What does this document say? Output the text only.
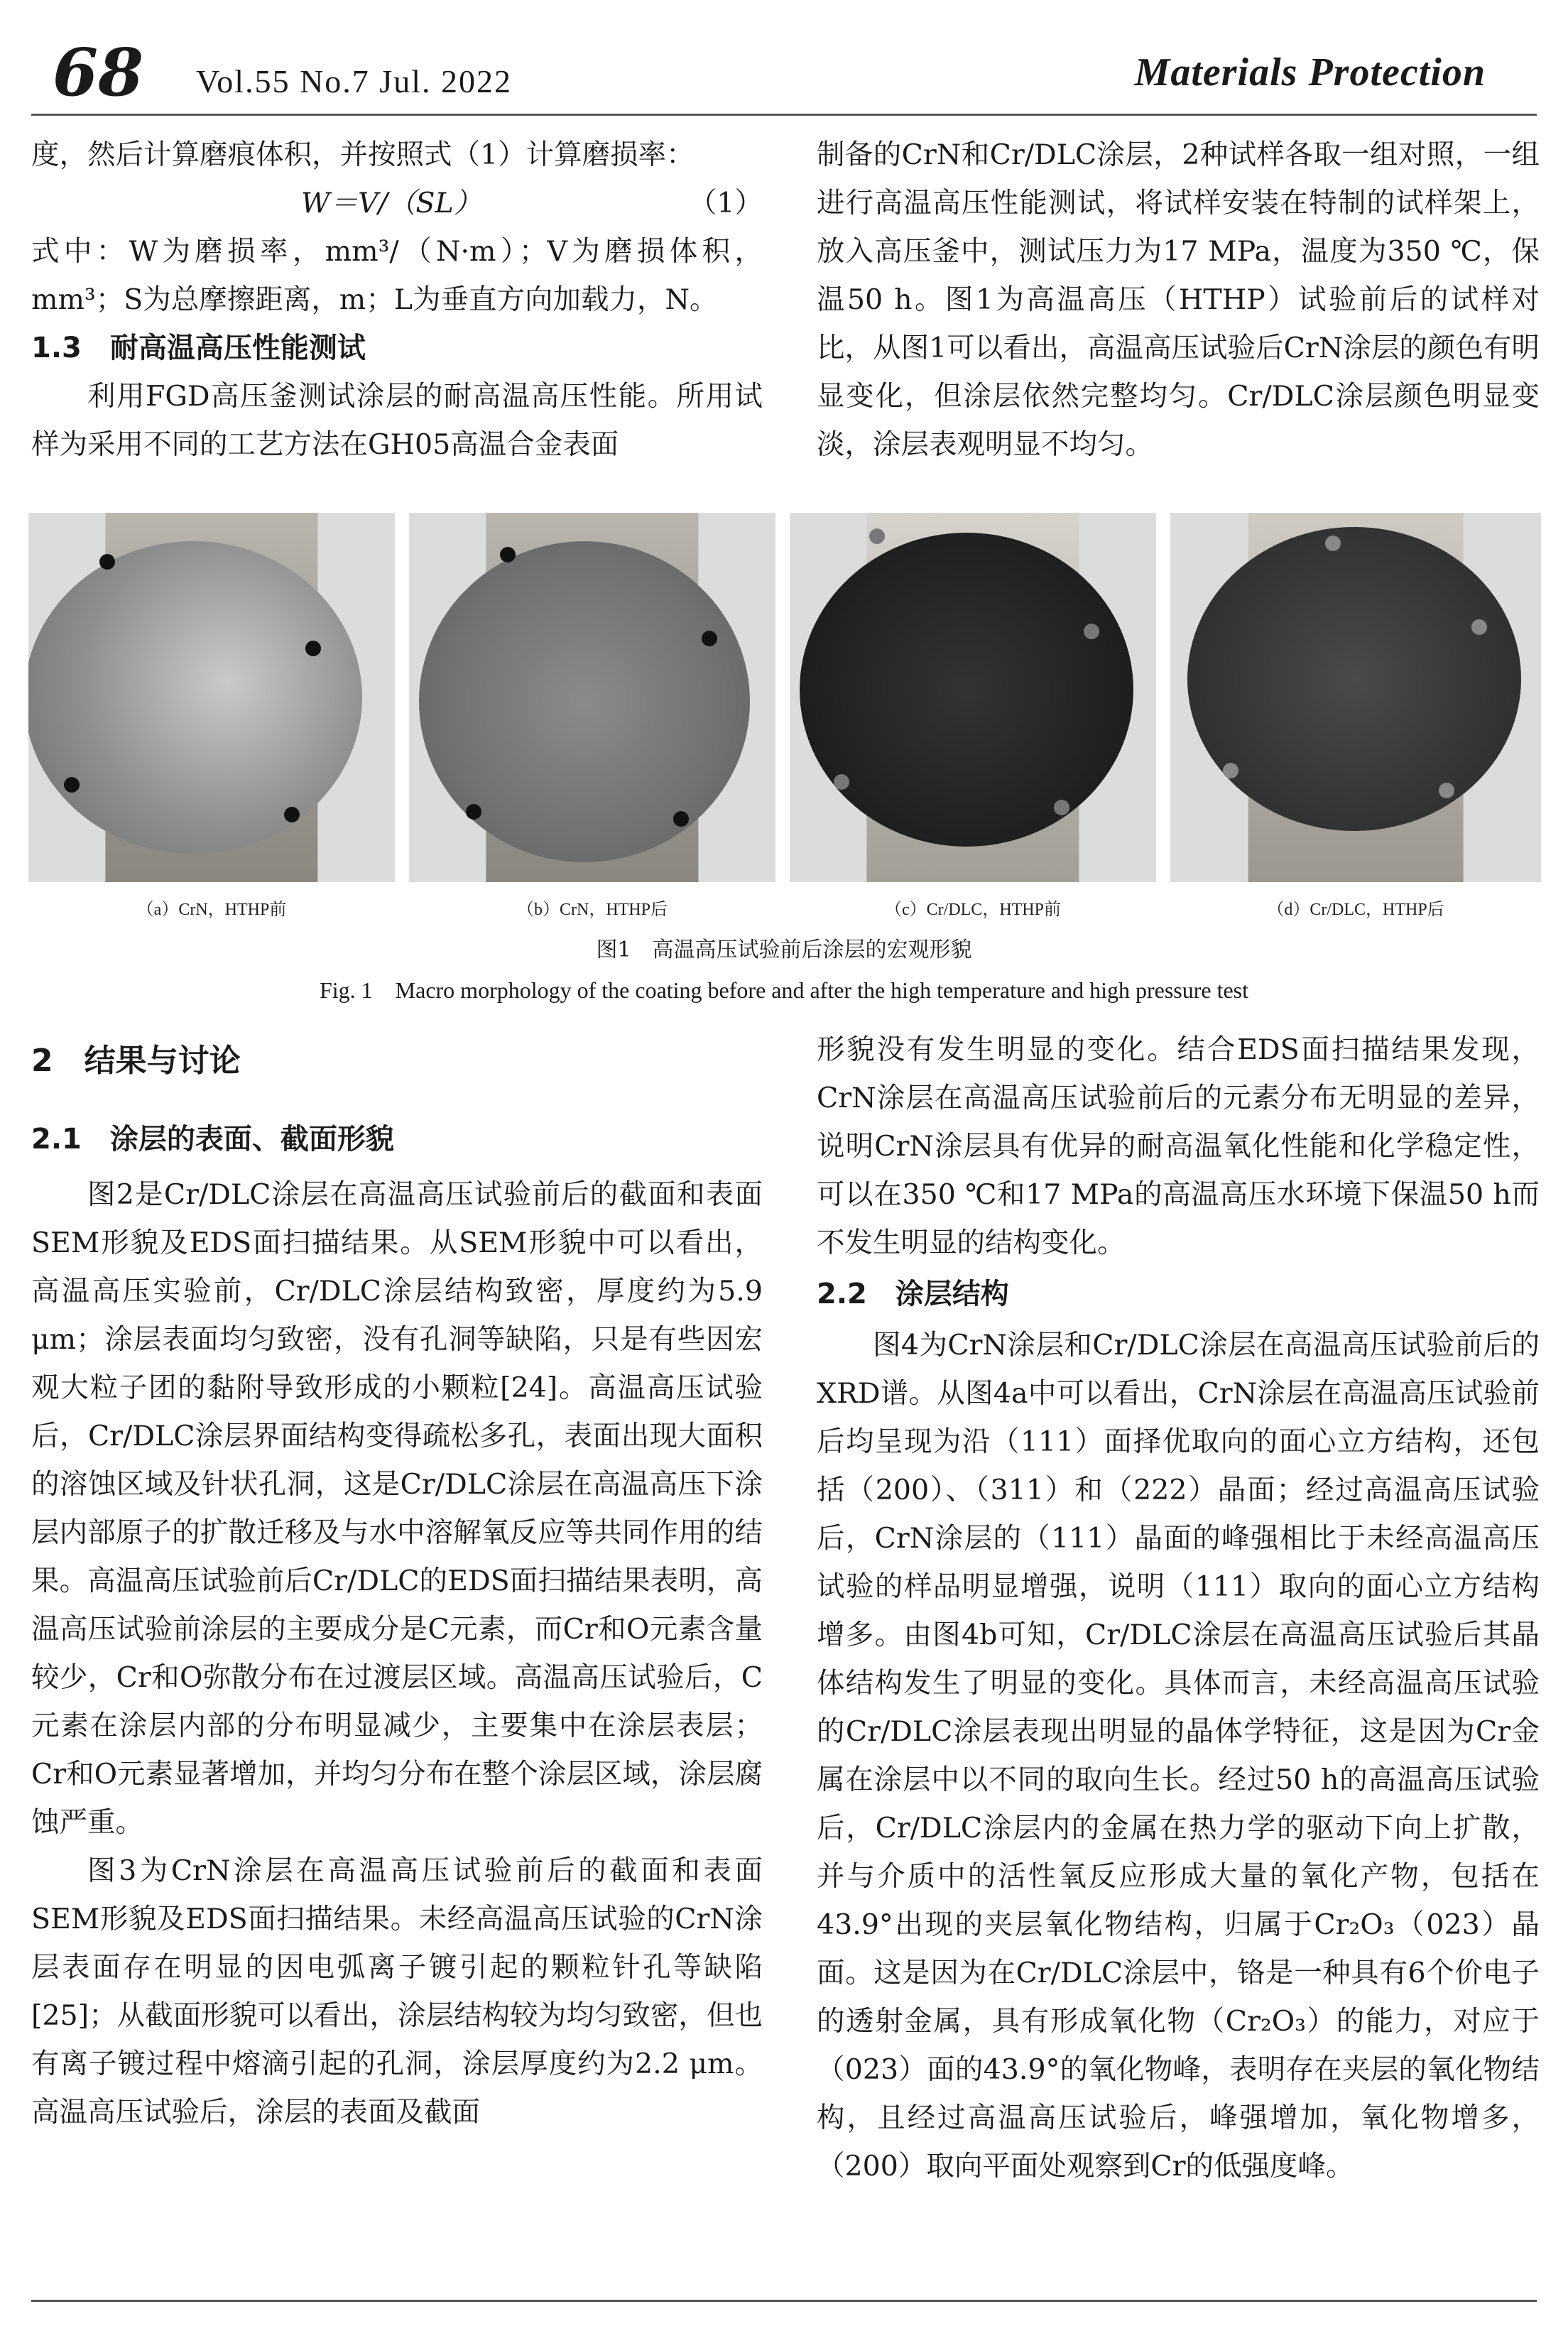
68 Vol.55 No.7 Jul. 2022	Materials Protection

度，然后计算磨痕体积，并按照式（1）计算磨损率：

W＝V/（SL）	（1）

式中：W为磨损率，mm³/（N·m）；V为磨损体积，mm³；S为总摩擦距离，m；L为垂直方向加载力，N。

1.3　耐高温高压性能测试

利用FGD高压釜测试涂层的耐高温高压性能。所用试样为采用不同的工艺方法在GH05高温合金表面

制备的CrN和Cr/DLC涂层，2种试样各取一组对照，一组进行高温高压性能测试，将试样安装在特制的试样架上，放入高压釜中，测试压力为17 MPa，温度为350 ℃，保温50 h。图1为高温高压（HTHP）试验前后的试样对比，从图1可以看出，高温高压试验后CrN涂层的颜色有明显变化，但涂层依然完整均匀。Cr/DLC涂层颜色明显变淡，涂层表观明显不均匀。

（a）CrN，HTHP前	（b）CrN，HTHP后	（c）Cr/DLC，HTHP前	（d）Cr/DLC，HTHP后
图1　高温高压试验前后涂层的宏观形貌
Fig. 1　Macro morphology of the coating before and after the high temperature and high pressure test
2　结果与讨论
2.1　涂层的表面、截面形貌

图2是Cr/DLC涂层在高温高压试验前后的截面和表面SEM形貌及EDS面扫描结果。从SEM形貌中可以看出，高温高压实验前，Cr/DLC涂层结构致密，厚度约为5.9 μm；涂层表面均匀致密，没有孔洞等缺陷，只是有些因宏观大粒子团的黏附导致形成的小颗粒[24]。高温高压试验后，Cr/DLC涂层界面结构变得疏松多孔，表面出现大面积的溶蚀区域及针状孔洞，这是Cr/DLC涂层在高温高压下涂层内部原子的扩散迁移及与水中溶解氧反应等共同作用的结果。高温高压试验前后Cr/DLC的EDS面扫描结果表明，高温高压试验前涂层的主要成分是C元素，而Cr和O元素含量较少，Cr和O弥散分布在过渡层区域。高温高压试验后，C元素在涂层内部的分布明显减少，主要集中在涂层表层；Cr和O元素显著增加，并均匀分布在整个涂层区域，涂层腐蚀严重。

图3为CrN涂层在高温高压试验前后的截面和表面SEM形貌及EDS面扫描结果。未经高温高压试验的CrN涂层表面存在明显的因电弧离子镀引起的颗粒针孔等缺陷[25]；从截面形貌可以看出，涂层结构较为均匀致密，但也有离子镀过程中熔滴引起的孔洞，涂层厚度约为2.2 μm。高温高压试验后，涂层的表面及截面

形貌没有发生明显的变化。结合EDS面扫描结果发现，CrN涂层在高温高压试验前后的元素分布无明显的差异，说明CrN涂层具有优异的耐高温氧化性能和化学稳定性，可以在350 ℃和17 MPa的高温高压水环境下保温50 h而不发生明显的结构变化。

2.2　涂层结构

图4为CrN涂层和Cr/DLC涂层在高温高压试验前后的XRD谱。从图4a中可以看出，CrN涂层在高温高压试验前后均呈现为沿（111）面择优取向的面心立方结构，还包括（200）、（311）和（222）晶面；经过高温高压试验后，CrN涂层的（111）晶面的峰强相比于未经高温高压试验的样品明显增强，说明（111）取向的面心立方结构增多。由图4b可知，Cr/DLC涂层在高温高压试验后其晶体结构发生了明显的变化。具体而言，未经高温高压试验的Cr/DLC涂层表现出明显的晶体学特征，这是因为Cr金属在涂层中以不同的取向生长。经过50 h的高温高压试验后，Cr/DLC涂层内的金属在热力学的驱动下向上扩散，并与介质中的活性氧反应形成大量的氧化产物，包括在43.9°出现的夹层氧化物结构，归属于Cr₂O₃（023）晶面。这是因为在Cr/DLC涂层中，铬是一种具有6个价电子的透射金属，具有形成氧化物（Cr₂O₃）的能力，对应于（023）面的43.9°的氧化物峰，表明存在夹层的氧化物结构，且经过高温高压试验后，峰强增加，氧化物增多，（200）取向平面处观察到Cr的低强度峰。
